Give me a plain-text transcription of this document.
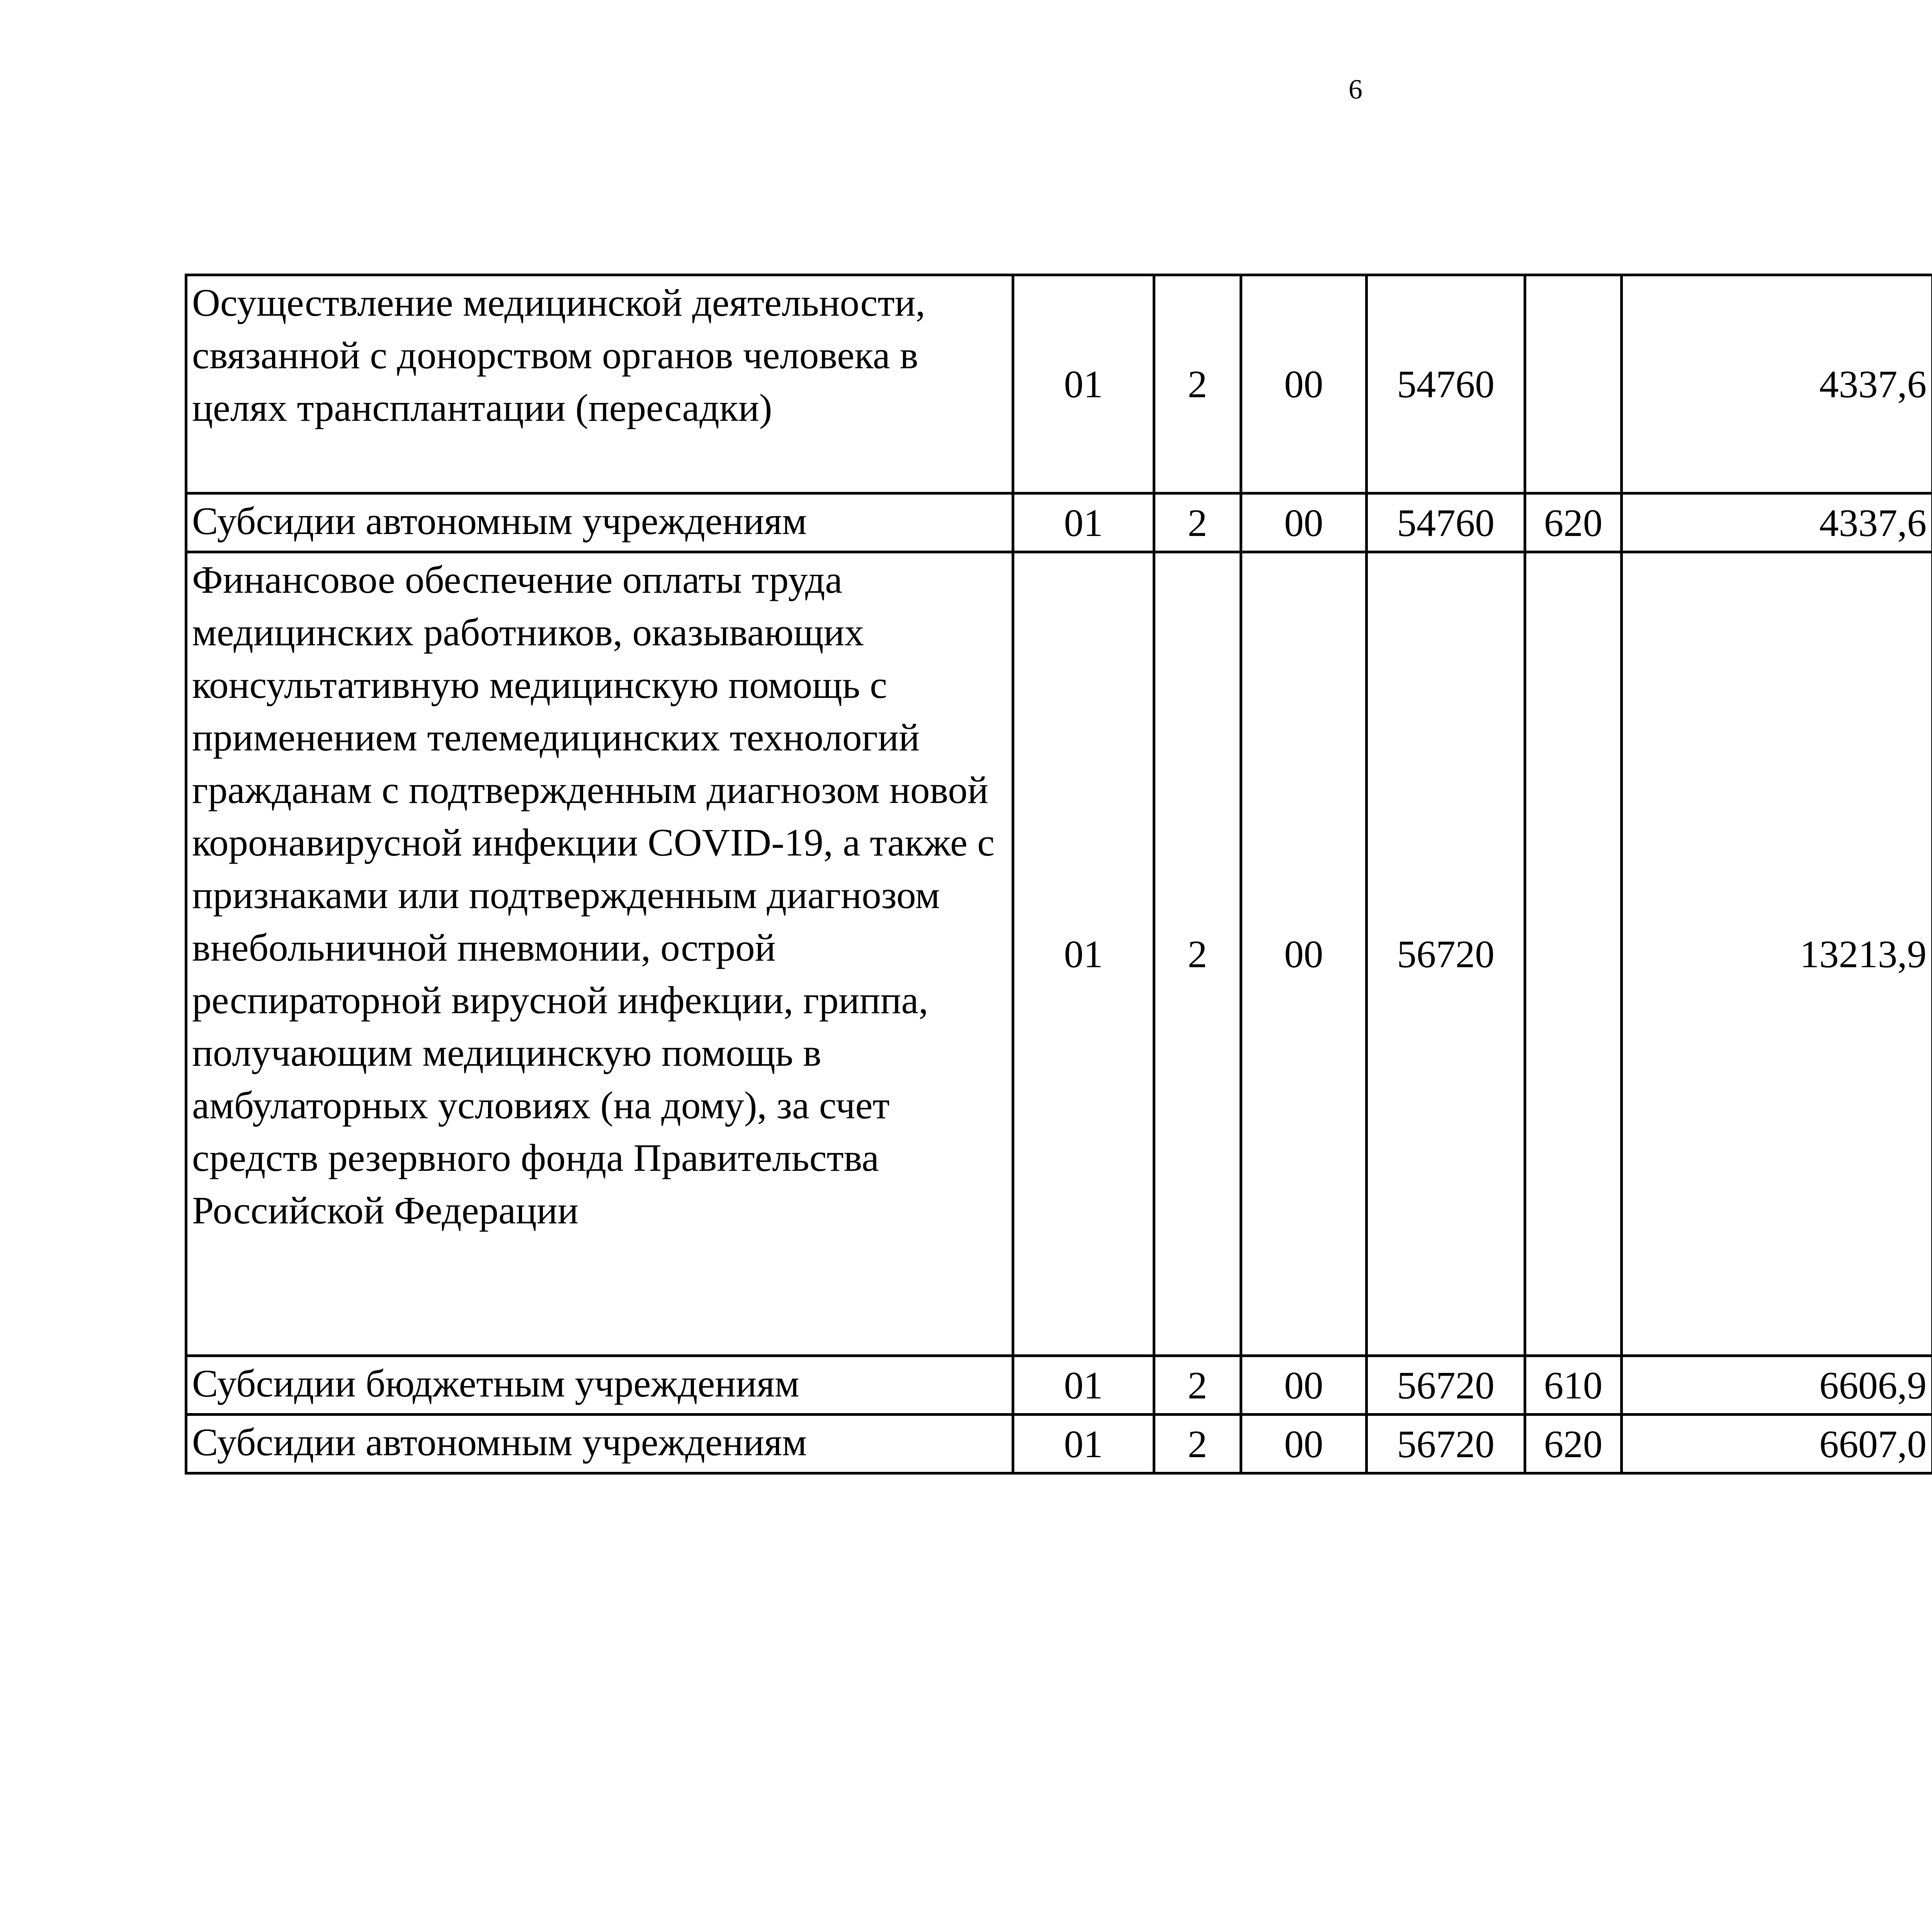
6
Осуществление медицинской деятельности, связанной с донорством органов человека в целях трансплантации (пересадки)	01	2	00	54760		4337,6		
Субсидии автономным учреждениям	01	2	00	54760	620	4337,6		
Финансовое обеспечение оплаты труда медицинских работников, оказывающих консультативную медицинскую помощь с применением телемедицинских технологий гражданам с подтвержденным диагнозом новой коронавирусной инфекции COVID-19, а также с признаками или подтвержденным диагнозом внебольничной пневмонии, острой респираторной вирусной инфекции, гриппа, получающим медицинскую помощь в амбулаторных условиях (на дому), за счет средств резервного фонда Правительства Российской Федерации	01	2	00	56720		13213,9		
Субсидии бюджетным учреждениям	01	2	00	56720	610	6606,9		
Субсидии автономным учреждениям	01	2	00	56720	620	6607,0		
